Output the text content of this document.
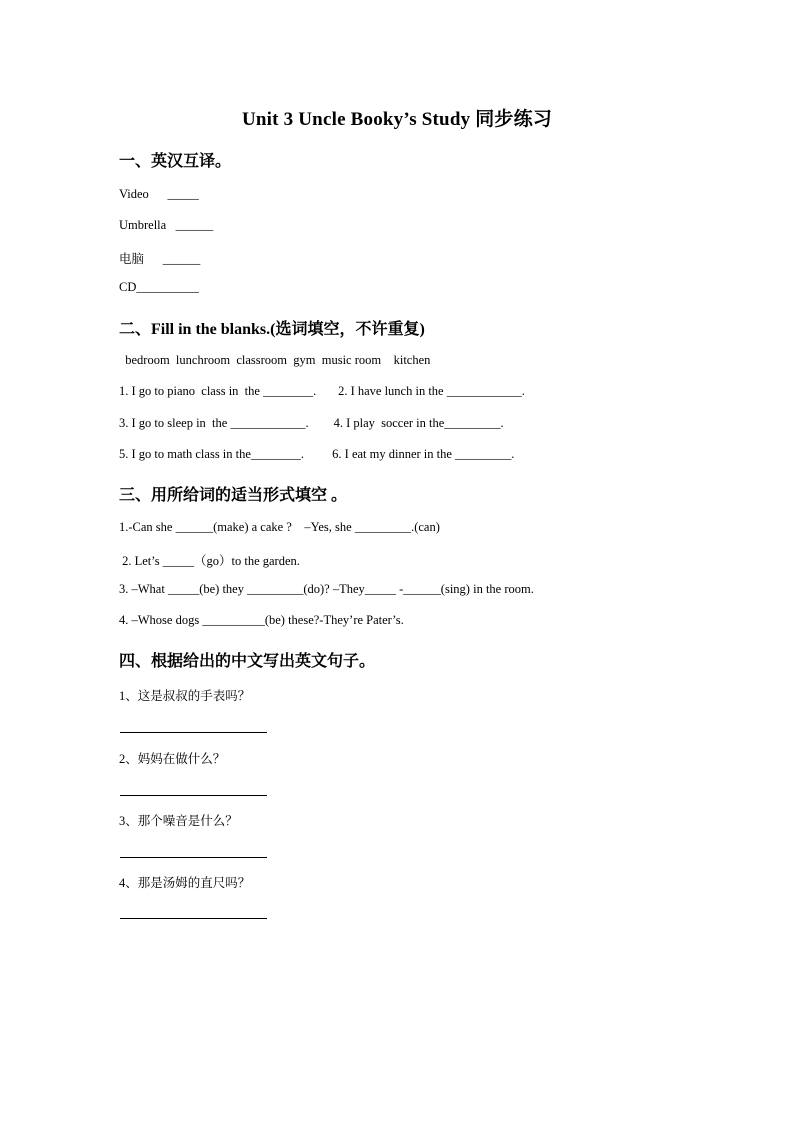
Unit 3 Uncle Booky’s Study 同步练习
一、英汉互译。
Video      _____
Umbrella   ______
电脑      ______
CD__________
二、Fill in the blanks.(选词填空，不许重复)
bedroom  lunchroom  classroom  gym  music room    kitchen
1. I go to piano  class in  the ________.       2. I have lunch in the ____________.
3. I go to sleep in  the ____________.        4. I play  soccer in the_________.
5. I go to math class in the________.         6. I eat my dinner in the _________.
三、用所给词的适当形式填空 。
1.-Can she ______(make) a cake ?    –Yes, she _________.(can)
2. Let’s _____（go）to the garden.
3. –What _____(be) they _________(do)? –They_____ -______(sing) in the room.
4. –Whose dogs __________(be) these?-They’re Pater’s.
四、根据给出的中文写出英文句子。
1、这是叔叔的手表吗？
2、妈妈在做什么？
3、那个噪音是什么？
4、那是汤姆的直尺吗？
